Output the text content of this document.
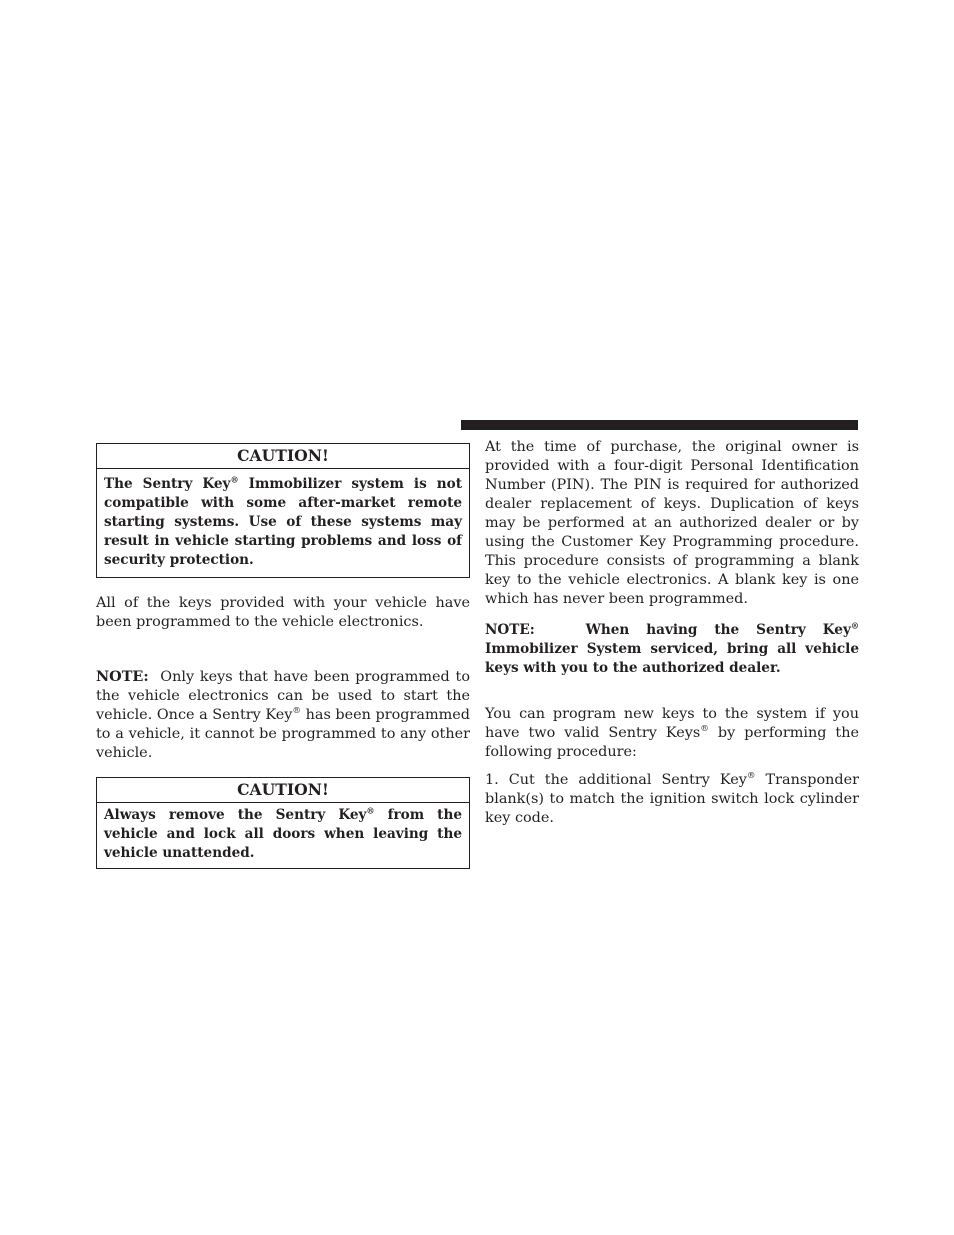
CAUTION!
The Sentry Key® Immobilizer system is not compatible with some after-market remote starting systems. Use of these systems may result in vehicle starting problems and loss of security protection.

All of the keys provided with your vehicle have been programmed to the vehicle electronics.

NOTE:  Only keys that have been programmed to the vehicle electronics can be used to start the vehicle. Once a Sentry Key® has been programmed to a vehicle, it cannot be programmed to any other vehicle.

CAUTION!
Always remove the Sentry Key® from the vehicle and lock all doors when leaving the vehicle unattended.

At the time of purchase, the original owner is provided with a four-digit Personal Identification Number (PIN). The PIN is required for authorized dealer replacement of keys. Duplication of keys may be performed at an authorized dealer or by using the Customer Key Programming procedure. This procedure consists of programming a blank key to the vehicle electronics. A blank key is one which has never been programmed.

NOTE:   When having the Sentry Key® Immobilizer System serviced, bring all vehicle keys with you to the authorized dealer.

You can program new keys to the system if you have two valid Sentry Keys® by performing the following procedure:

1. Cut the additional Sentry Key® Transponder blank(s) to match the ignition switch lock cylinder key code.
